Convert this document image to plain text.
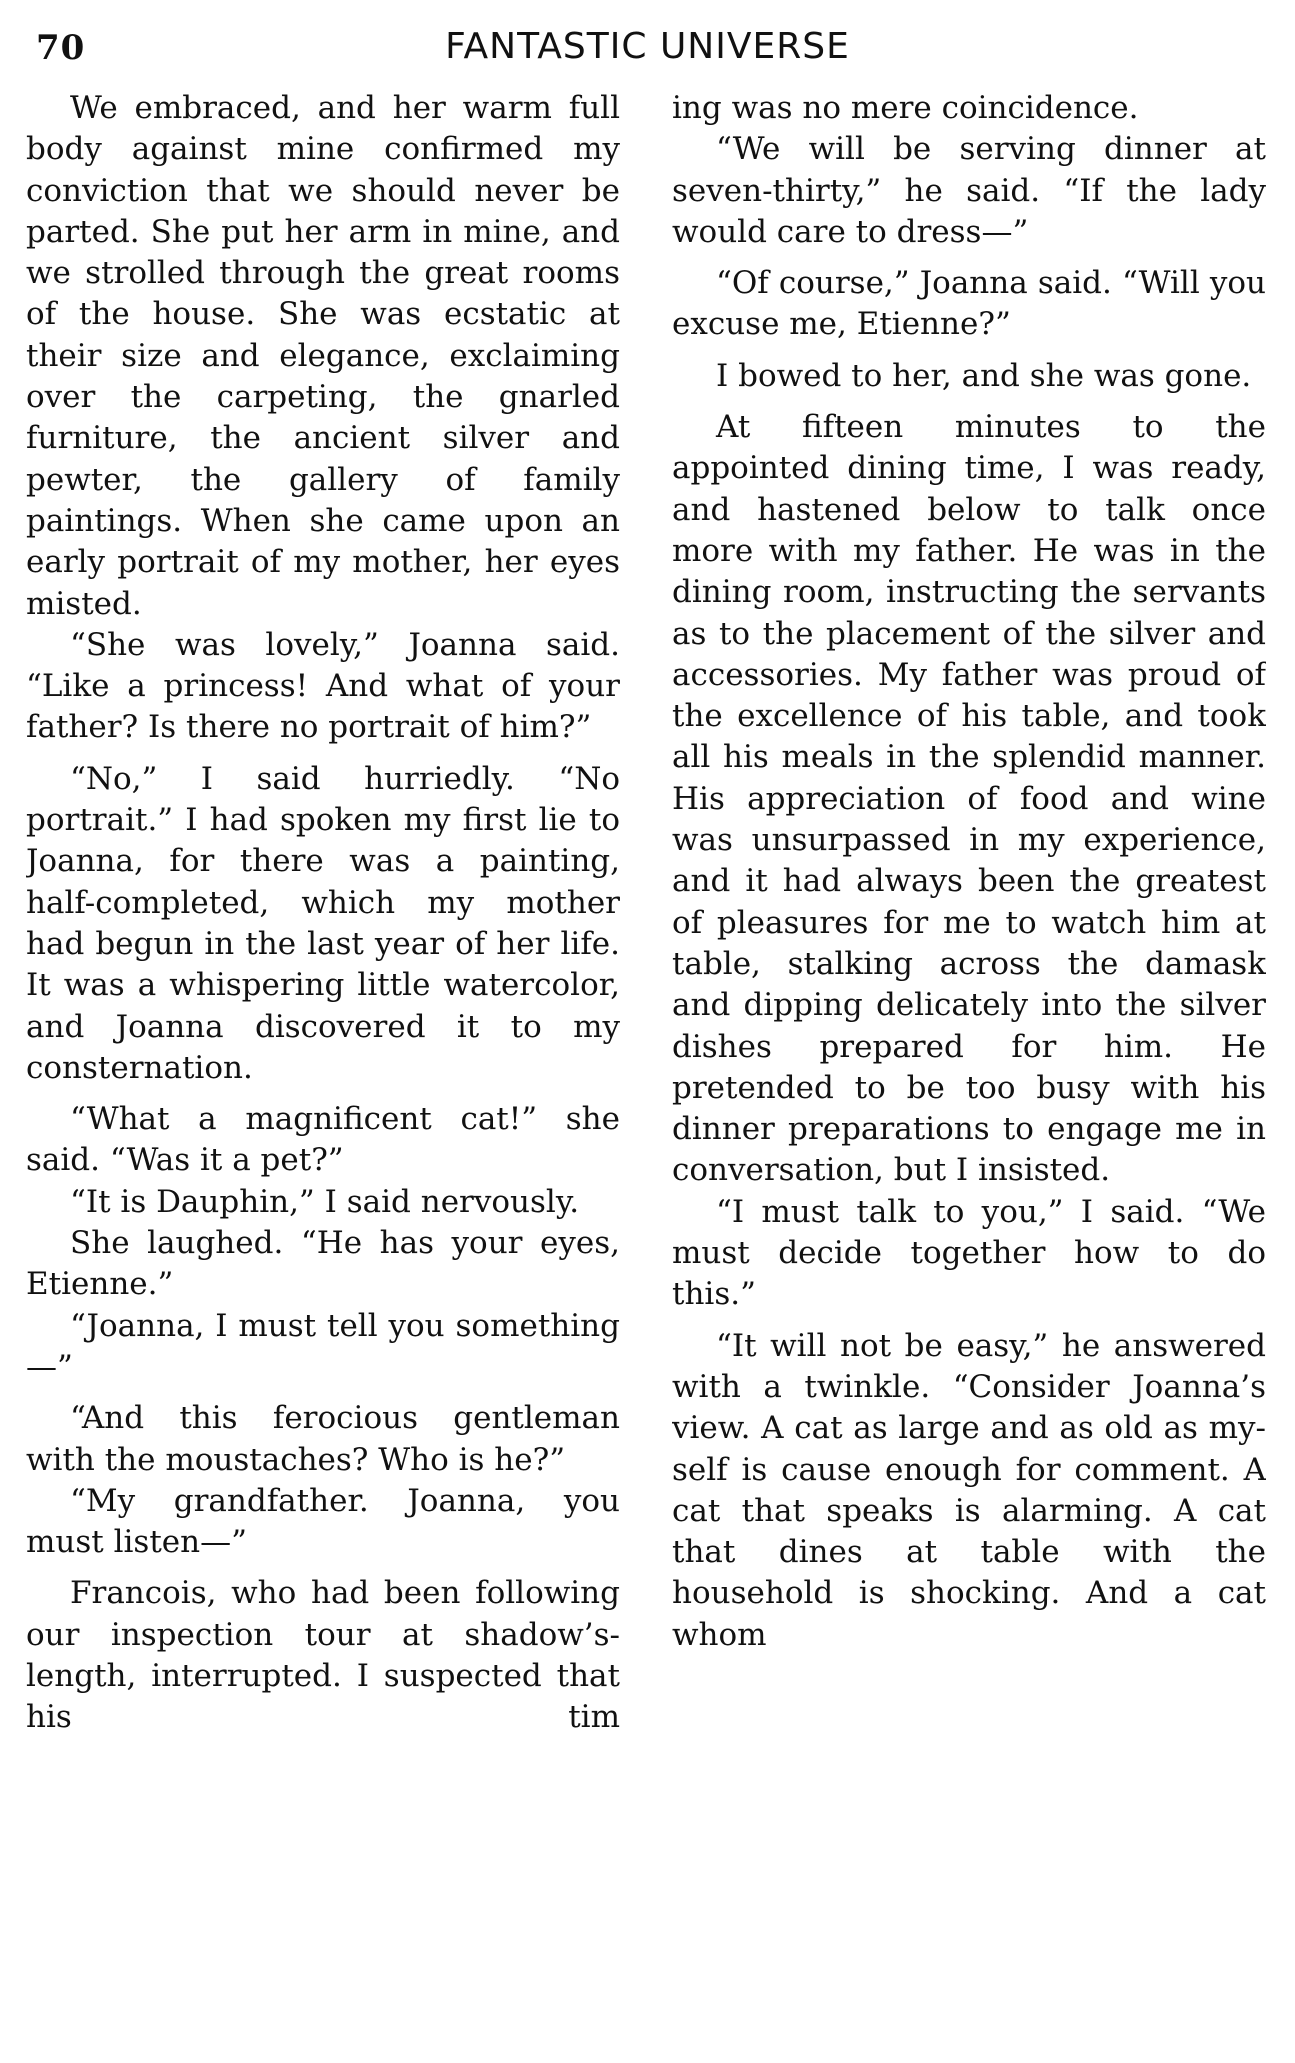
70	FANTASTIC UNIVERSE

We embraced, and her warm full body against mine confirmed my conviction that we should never be parted. She put her arm in mine, and we strolled through the great rooms of the house. She was ecstatic at their size and elegance, exclaiming over the carpeting, the gnarled furniture, the ancient silver and pewter, the gallery of family paintings. When she came upon an early portrait of my mother, her eyes misted.

“She was lovely,” Joanna said. “Like a princess! And what of your father? Is there no portrait of him?”

“No,” I said hurriedly. “No portrait.” I had spoken my first lie to Joanna, for there was a painting, half-completed, which my mother had begun in the last year of her life. It was a whispering little watercolor, and Joanna discovered it to my consternation.

“What a magnificent cat!” she said. “Was it a pet?”

“It is Dauphin,” I said nervously.

She laughed. “He has your eyes, Etienne.”

“Joanna, I must tell you something—”

“And this ferocious gentleman with the moustaches? Who is he?”

“My grandfather. Joanna, you must listen—”

Francois, who had been following our inspection tour at shadow’s-length, interrupted. I suspected that his tim

ing was no mere coincidence.

“We will be serving dinner at seven-thirty,” he said. “If the lady would care to dress—”

“Of course,” Joanna said. “Will you excuse me, Etienne?”

I bowed to her, and she was gone.

At fifteen minutes to the appointed dining time, I was ready, and hastened below to talk once more with my father. He was in the dining room, instructing the servants as to the placement of the silver and accessories. My father was proud of the excellence of his table, and took all his meals in the splendid manner. His appreciation of food and wine was unsurpassed in my experience, and it had always been the greatest of pleasures for me to watch him at table, stalking across the damask and dipping delicately into the silver dishes prepared for him. He pretended to be too busy with his dinner preparations to engage me in conversation, but I insisted.

“I must talk to you,” I said. “We must decide together how to do this.”

“It will not be easy,” he answered with a twinkle. “Consider Joanna’s view. A cat as large and as old as myself is cause enough for comment. A cat that speaks is alarming. A cat that dines at table with the household is shocking. And a cat whom
